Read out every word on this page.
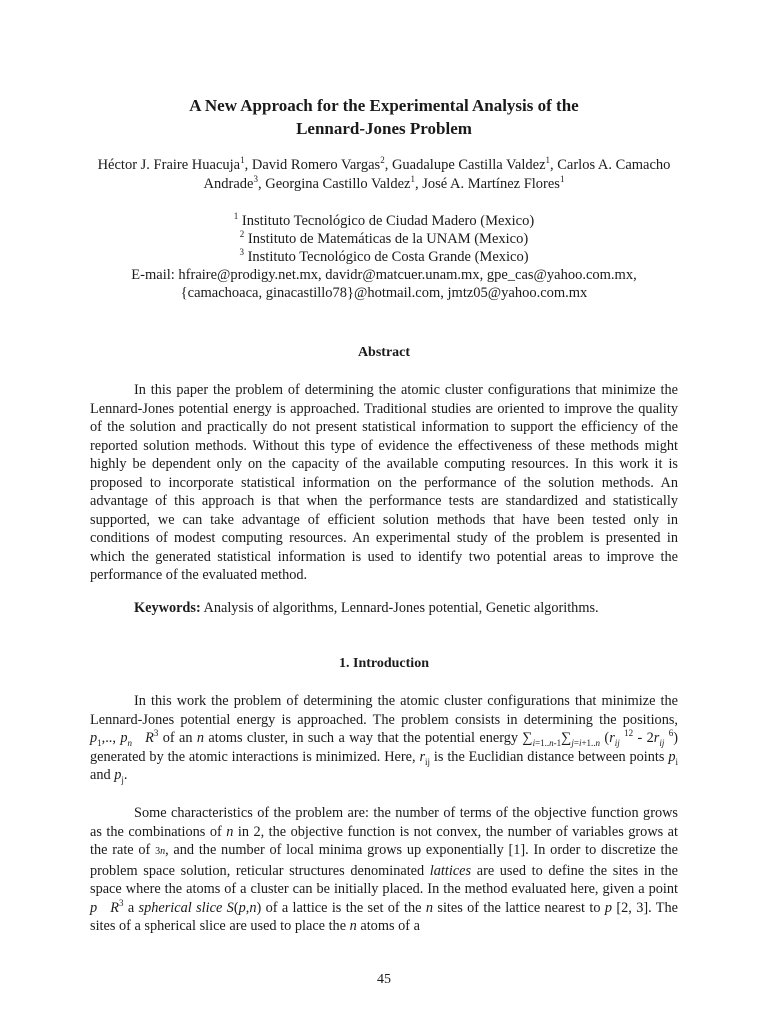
A New Approach for the Experimental Analysis of the
Lennard-Jones Problem
Héctor J. Fraire Huacuja$^1$, David Romero Vargas$^2$, Guadalupe Castilla Valdez$^1$, Carlos A. Camacho Andrade$^3$, Georgina Castillo Valdez$^1$, José A. Martínez Flores$^1$
$^1$ Instituto Tecnológico de Ciudad Madero (Mexico)
$^2$ Instituto de Matemáticas de la UNAM (Mexico)
$^3$ Instituto Tecnológico de Costa Grande (Mexico)
E-mail: hfraire@prodigy.net.mx, davidr@matcuer.unam.mx, gpe_cas@yahoo.com.mx,
{camachoaca, ginacastillo78}@hotmail.com, jmtz05@yahoo.com.mx
Abstract

In this paper the problem of determining the atomic cluster configurations that minimize the Lennard-Jones potential energy is approached. Traditional studies are oriented to improve the quality of the solution and practically do not present statistical information to support the efficiency of the reported solution methods. Without this type of evidence the effectiveness of these methods might highly be dependent only on the capacity of the available computing resources. In this work it is proposed to incorporate statistical information on the performance of the solution methods. An advantage of this approach is that when the performance tests are standardized and statistically supported, we can take advantage of efficient solution methods that have been tested only in conditions of modest computing resources. An experimental study of the problem is presented in which the generated statistical information is used to identify two potential areas to improve the performance of the evaluated method.

Keywords: Analysis of algorithms, Lennard-Jones potential, Genetic algorithms.
1. Introduction

In this work the problem of determining the atomic cluster configurations that minimize the Lennard-Jones potential energy is approached. The problem consists in determining the positions, $p_1$,.., $p_n$ $R^3$ of an n atoms cluster, in such a way that the potential energy $\sum_{i=1..n-1}\sum_{j=i+1..n}$ ($r_{ij}$ $^{12} - 2r_{ij}$ $^6$) generated by the atomic interactions is minimized. Here, $r_{ij}$ is the Euclidian distance between points $p_i$ and $p_j$.

Some characteristics of the problem are: the number of terms of the objective function grows as the combinations of n in 2, the objective function is not convex, the number of variables grows at the rate of 3n, and the number of local minima grows up exponentially [1]. In order to discretize the problem space solution, reticular structures denominated lattices are used to define the sites in the space where the atoms of a cluster can be initially placed. In the method evaluated here, given a point p $R^3$ a spherical slice S(p,n) of a lattice is the set of the n sites of the lattice nearest to p [2, 3]. The sites of a spherical slice are used to place the n atoms of a

45
